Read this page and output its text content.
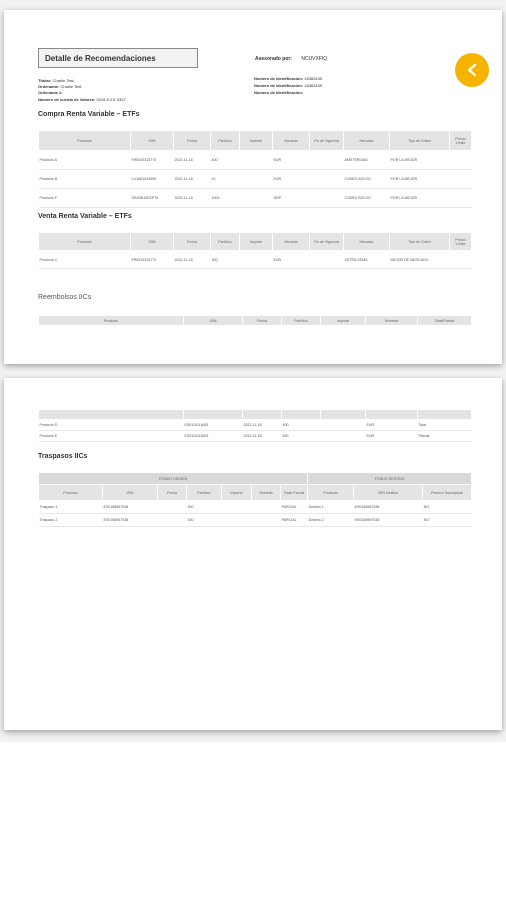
Detalle de Recomendaciones	Asesorado por: NCUVXFIQ
Titular: Charlie Test
Ordenante: Charlie Test
Ordenante 2:
Número de cuenta de Valores: 0018 8 0 E 0327
Número de identificación: 18383435
Número de identificación: 18383435
Número de identificación:
Compra Renta Variable – ETFs
Producto	ISIN	Fecha	Part/Acc	Importe	Moneda	Fin de Vigencia	Mercado	Tipo de Orden	Precio Límite
Producto A	FR0010315770	2022-11-18	400		EUR		AMSTERDAM	POR LA MEJOR	
Producto B	LU1681043599	2022-11-18	10		EUR		CONEX BOLSO	POR LA MEJOR	
Producto F	GB00B10RZP78	2022-11-18	1000		GBP		CONEX BOLSO	POR LA MEJOR	
Venta Renta Variable – ETFs
Producto	ISIN	Fecha	Part/Acc	Importe	Moneda	Fin de Vigencia	Mercado	Tipo de Orden	Precio Límite
Producto C	FR0010315770	2022-11-18	300		EUR		XETRA XEMA	MEJOR DE MERCADO	
Reembolsos IICs
Producto	ISIN	Fecha	Part/Acc	Importe	Moneda	Total/Parcial

Producto D	ES0110118001	2022-11-18	400		EUR	Total
Producto E	ES0110118001	2022-11-18	500		EUR	Parcial
Traspasos IICs
FONDO ORIGEN							FONDO DESTINO		
Producto	ISIN	Fecha	Part/Acc	Importe	Moneda	Total/ Parcial	Producto	ISIN Destino	Primera Suscripción
Traspaso 1	ES0158967038		200			PARCIAL	Destino 1	ES0158967038	NO
Traspaso 2	ES0158967038		300			PARCIAL	Destino 2	ES0158967038	NO
